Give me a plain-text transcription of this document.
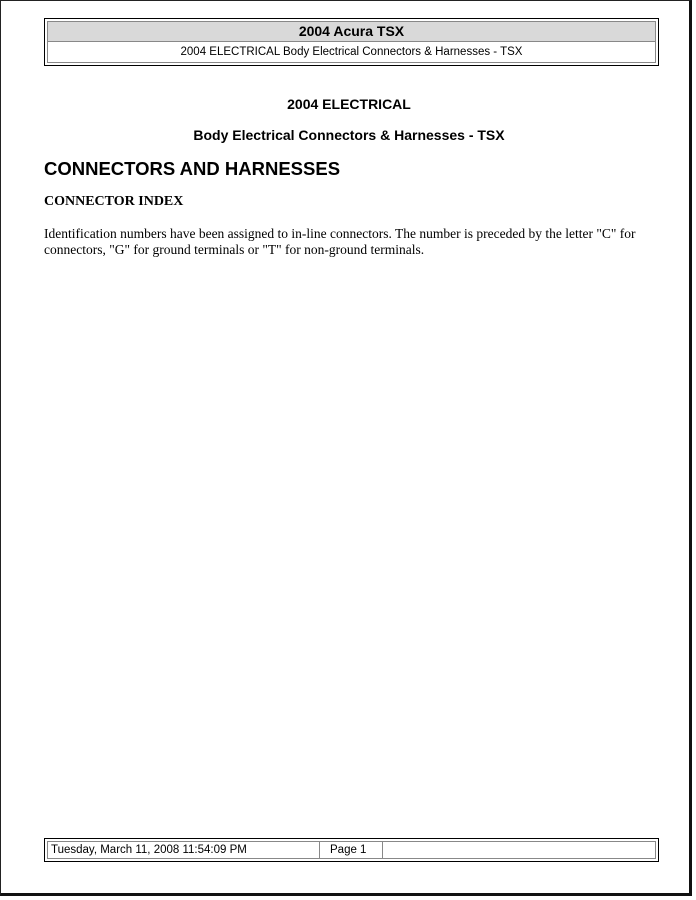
2004 Acura TSX
2004 ELECTRICAL Body Electrical Connectors & Harnesses - TSX
2004 ELECTRICAL
Body Electrical Connectors & Harnesses - TSX
CONNECTORS AND HARNESSES
CONNECTOR INDEX

Identification numbers have been assigned to in-line connectors. The number is preceded by the letter "C" for connectors, "G" for ground terminals or "T" for non-ground terminals.

Tuesday, March 11, 2008 11:54:09 PM	Page 1
